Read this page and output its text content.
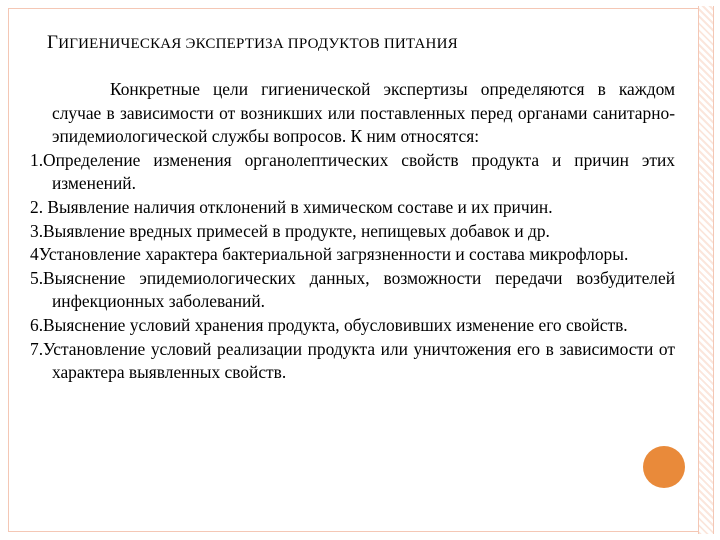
ГИГИЕНИЧЕСКАЯ ЭКСПЕРТИЗА ПРОДУКТОВ ПИТАНИЯ

Конкретные цели гигиенической экспертизы определяются в каждом случае в зависимости от возникших или поставленных перед органами санитарно-эпидемиологической службы вопросов. К ним относятся:

1.Определение изменения органолептических свойств продукта и причин этих изменений.

2. Выявление наличия отклонений в химическом составе и их причин.

3.Выявление вредных примесей в продукте, непищевых добавок и др.

4Установление характера бактериальной загрязненности и состава микрофлоры.

5.Выяснение эпидемиологических данных, возможности передачи возбудителей инфекционных заболеваний.

6.Выяснение условий хранения продукта, обусловивших изменение его свойств.

7.Установление условий реализации продукта или уничтожения его в зависимости от характера выявленных свойств.
